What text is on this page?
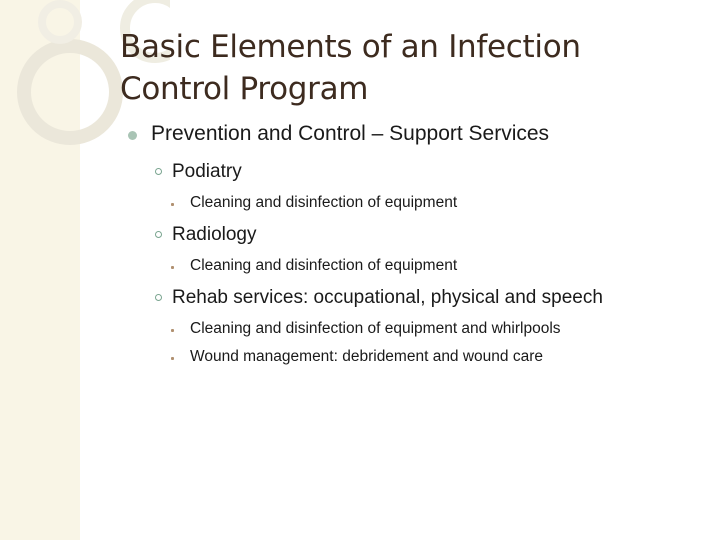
Basic Elements of an Infection
Control Program
Prevention and Control – Support Services
Podiatry
Cleaning and disinfection of equipment
Radiology
Cleaning and disinfection of equipment
Rehab services: occupational, physical and speech
Cleaning and disinfection of equipment and whirlpools
Wound management: debridement and wound care
